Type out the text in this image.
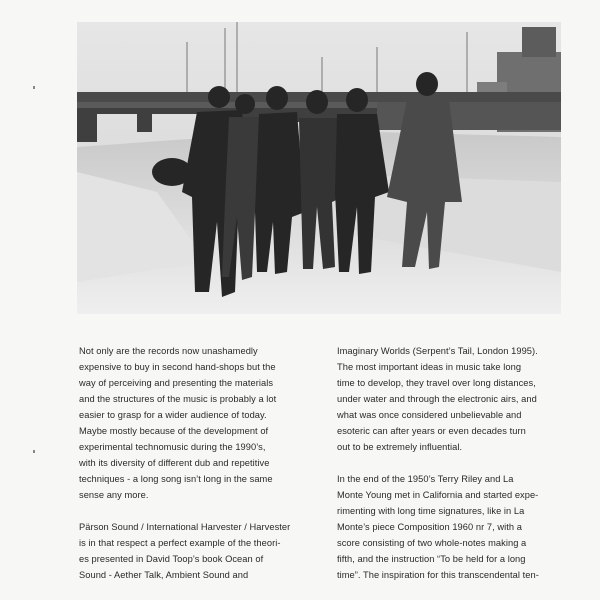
Not only are the records now unashamedly
expensive to buy in second hand-shops but the
way of perceiving and presenting the materials
and the structures of the music is probably a lot
easier to grasp for a wider audience of today.
Maybe mostly because of the development of
experimental technomusic during the 1990’s,
with its diversity of different dub and repetitive
techniques - a long song isn’t long in the same
sense any more.

Pärson Sound / International Harvester / Harvester
is in that respect a perfect example of the theori-
es presented in David Toop’s book Ocean of
Sound - Aether Talk, Ambient Sound and

Imaginary Worlds (Serpent’s Tail, London 1995).
The most important ideas in music take long
time to develop, they travel over long distances,
under water and through the electronic airs, and
what was once considered unbelievable and
esoteric can after years or even decades turn
out to be extremely influential.

In the end of the 1950’s Terry Riley and La
Monte Young met in California and started expe-
rimenting with long time signatures, like in La
Monte’s piece Composition 1960 nr 7, with a
score consisting of two whole-notes making a
fifth, and the instruction “To be held for a long
time”. The inspiration for this transcendental ten-
